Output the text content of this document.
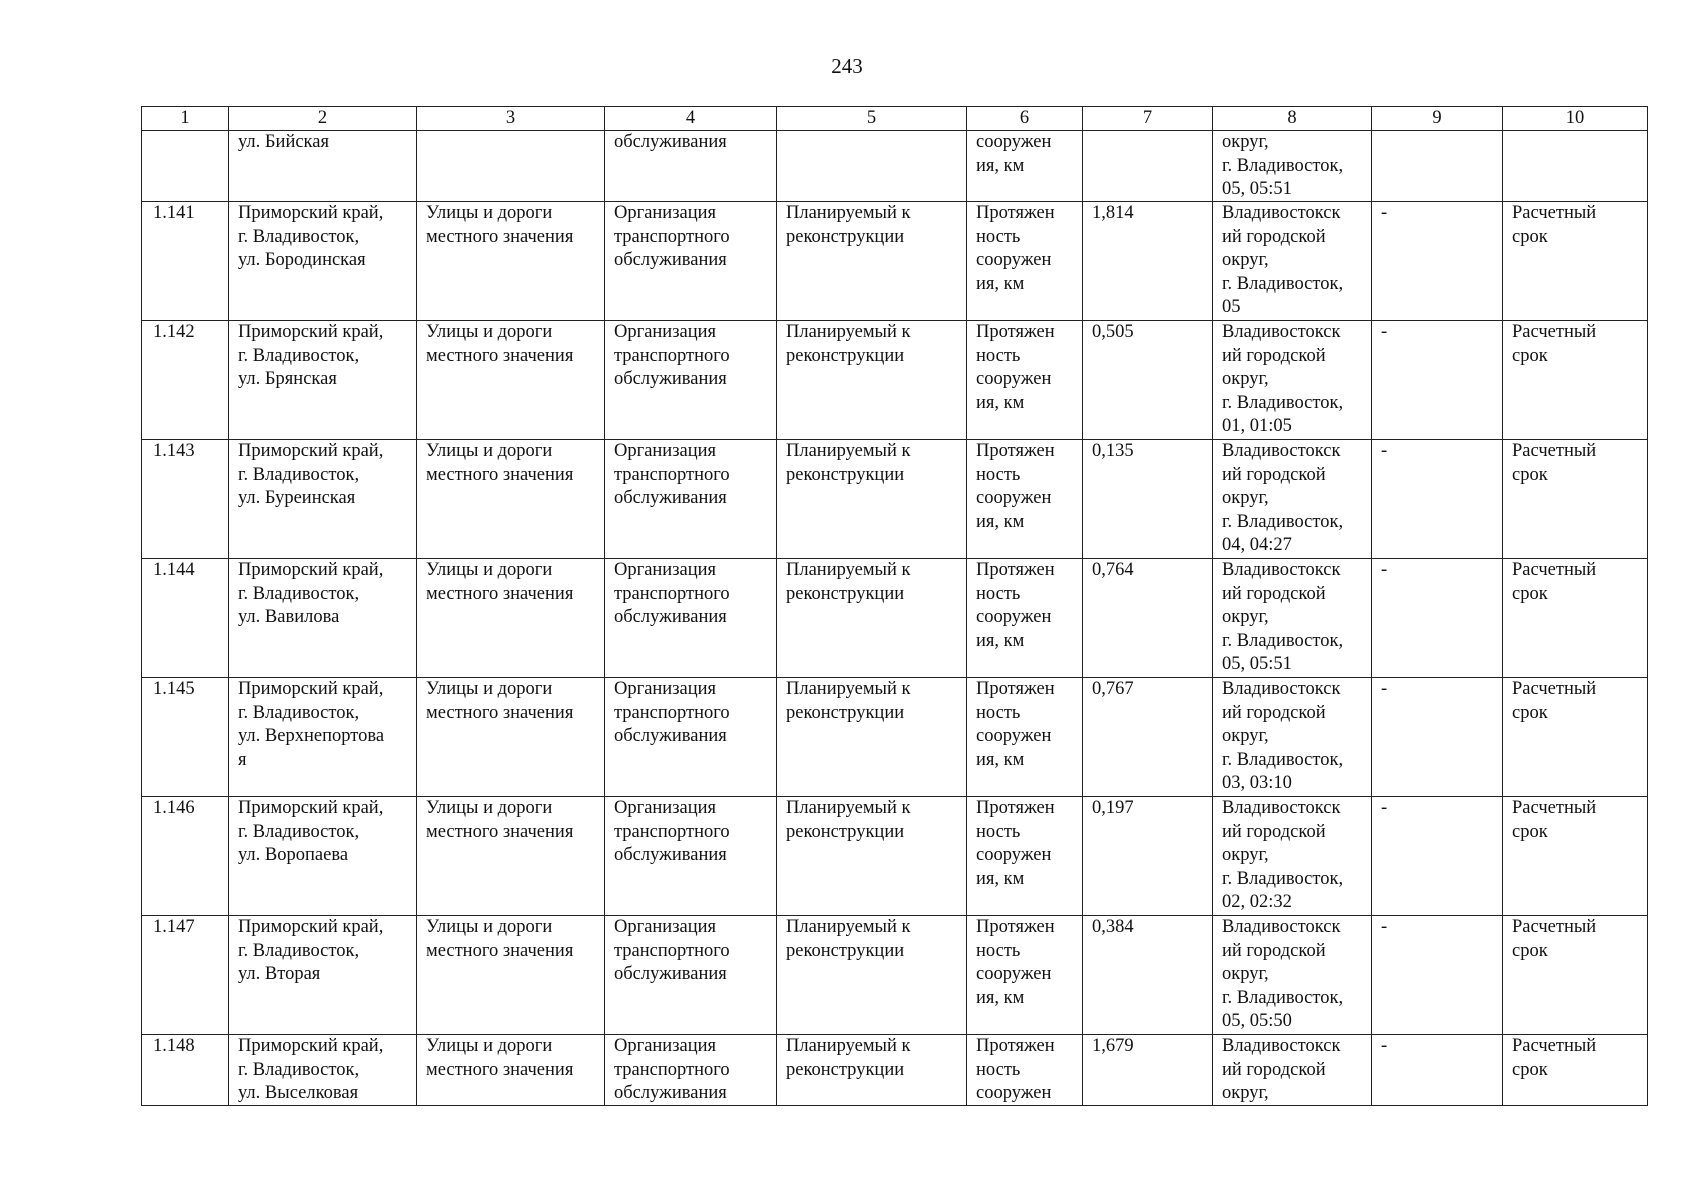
243
1	2	3	4	5	6	7	8	9	10

	ул. Бийская		обслуживания		сооружен
ия, км		округ,
г. Владивосток,
05, 05:51		

1.141	Приморский край,
г. Владивосток,
ул. Бородинская	Улицы и дороги
местного значения	Организация
транспортного
обслуживания	Планируемый к
реконструкции	Протяжен
ность
сооружен
ия, км	1,814	Владивостокск
ий городской
округ,
г. Владивосток,
05	-	Расчетный
срок

1.142	Приморский край,
г. Владивосток,
ул. Брянская	Улицы и дороги
местного значения	Организация
транспортного
обслуживания	Планируемый к
реконструкции	Протяжен
ность
сооружен
ия, км	0,505	Владивостокск
ий городской
округ,
г. Владивосток,
01, 01:05	-	Расчетный
срок

1.143	Приморский край,
г. Владивосток,
ул. Буреинская	Улицы и дороги
местного значения	Организация
транспортного
обслуживания	Планируемый к
реконструкции	Протяжен
ность
сооружен
ия, км	0,135	Владивостокск
ий городской
округ,
г. Владивосток,
04, 04:27	-	Расчетный
срок

1.144	Приморский край,
г. Владивосток,
ул. Вавилова	Улицы и дороги
местного значения	Организация
транспортного
обслуживания	Планируемый к
реконструкции	Протяжен
ность
сооружен
ия, км	0,764	Владивостокск
ий городской
округ,
г. Владивосток,
05, 05:51	-	Расчетный
срок

1.145	Приморский край,
г. Владивосток,
ул. Верхнепортова
я	Улицы и дороги
местного значения	Организация
транспортного
обслуживания	Планируемый к
реконструкции	Протяжен
ность
сооружен
ия, км	0,767	Владивостокск
ий городской
округ,
г. Владивосток,
03, 03:10	-	Расчетный
срок

1.146	Приморский край,
г. Владивосток,
ул. Воропаева	Улицы и дороги
местного значения	Организация
транспортного
обслуживания	Планируемый к
реконструкции	Протяжен
ность
сооружен
ия, км	0,197	Владивостокск
ий городской
округ,
г. Владивосток,
02, 02:32	-	Расчетный
срок

1.147	Приморский край,
г. Владивосток,
ул. Вторая	Улицы и дороги
местного значения	Организация
транспортного
обслуживания	Планируемый к
реконструкции	Протяжен
ность
сооружен
ия, км	0,384	Владивостокск
ий городской
округ,
г. Владивосток,
05, 05:50	-	Расчетный
срок

1.148	Приморский край,
г. Владивосток,
ул. Выселковая	Улицы и дороги
местного значения	Организация
транспортного
обслуживания	Планируемый к
реконструкции	Протяжен
ность
сооружен	1,679	Владивостокск
ий городской
округ,	-	Расчетный
срок
